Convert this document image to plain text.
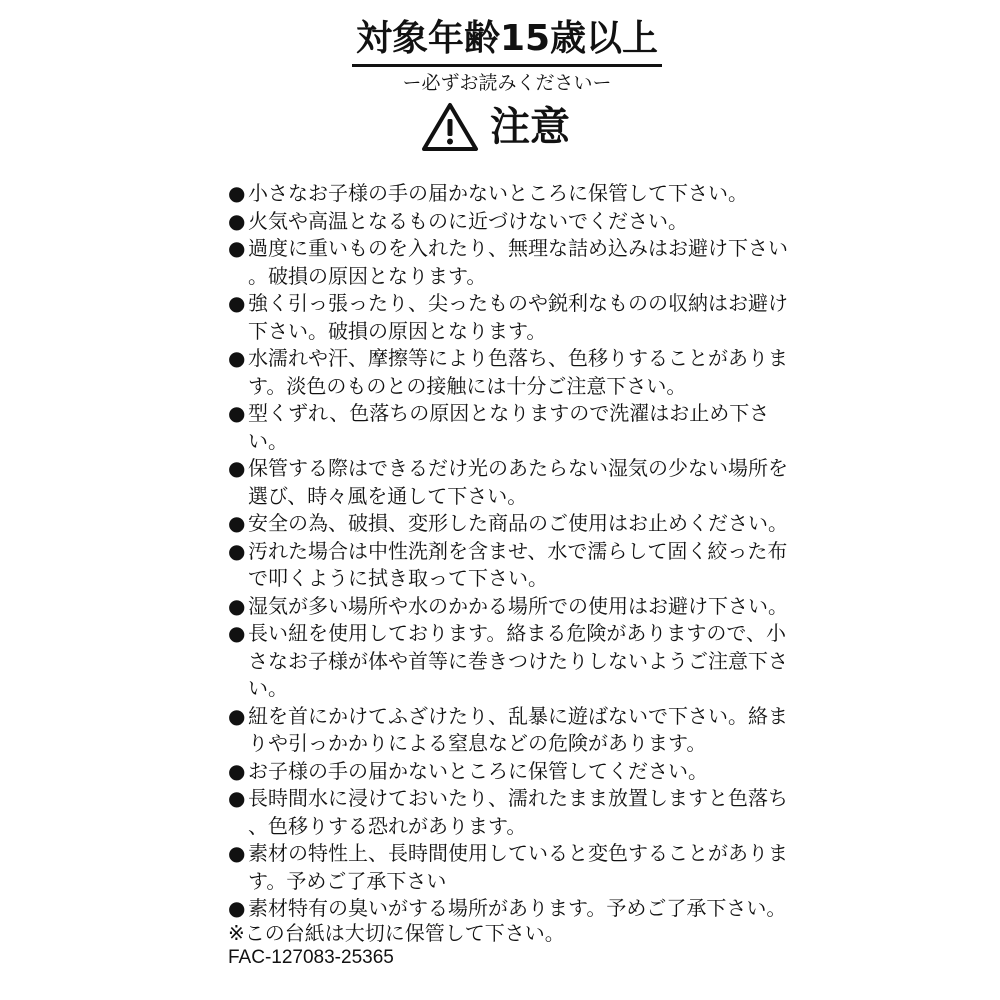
対象年齢15歳以上
ー必ずお読みくださいー
注意
● 小さなお子様の手の届かないところに保管して下さい。
● 火気や高温となるものに近づけないでください。
● 過度に重いものを入れたり、無理な詰め込みはお避け下さい。破損の原因となります。
● 強く引っ張ったり、尖ったものや鋭利なものの収納はお避け下さい。破損の原因となります。
● 水濡れや汗、摩擦等により色落ち、色移りすることがあります。淡色のものとの接触には十分ご注意下さい。
● 型くずれ、色落ちの原因となりますので洗濯はお止め下さい。
● 保管する際はできるだけ光のあたらない湿気の少ない場所を選び、時々風を通して下さい。
● 安全の為、破損、変形した商品のご使用はお止めください。
● 汚れた場合は中性洗剤を含ませ、水で濡らして固く絞った布で叩くように拭き取って下さい。
● 湿気が多い場所や水のかかる場所での使用はお避け下さい。
● 長い紐を使用しております。絡まる危険がありますので、小さなお子様が体や首等に巻きつけたりしないようご注意下さい。
● 紐を首にかけてふざけたり、乱暴に遊ばないで下さい。絡まりや引っかかりによる窒息などの危険があります。
● お子様の手の届かないところに保管してください。
● 長時間水に浸けておいたり、濡れたまま放置しますと色落ち、色移りする恐れがあります。
● 素材の特性上、長時間使用していると変色することがあります。予めご了承下さい
● 素材特有の臭いがする場所があります。予めご了承下さい。
※この台紙は大切に保管して下さい。
FAC-127083-25365
